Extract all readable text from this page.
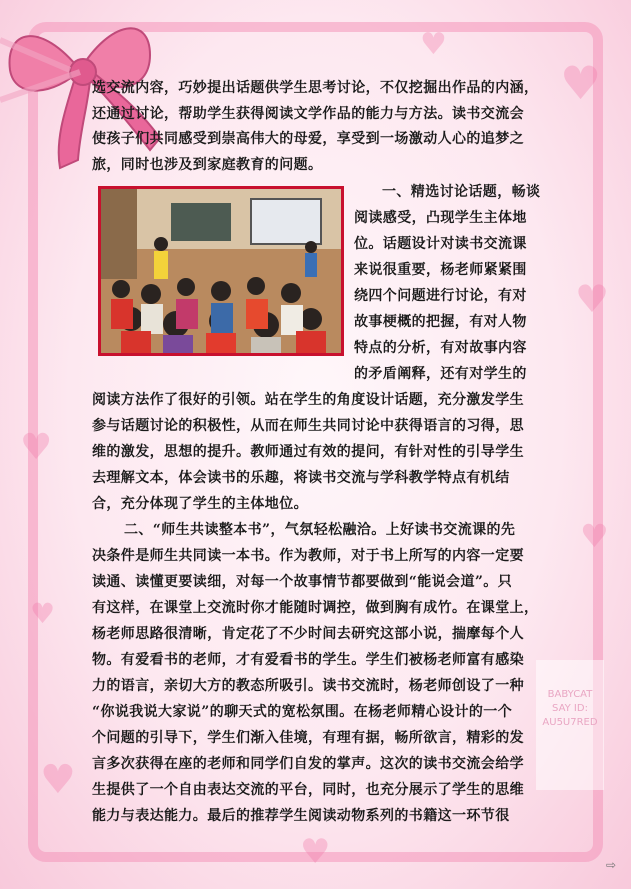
♥
♥
♥
♥
♥
♥
♥
♥
选交流内容，巧妙提出话题供学生思考讨论，不仅挖掘出作品的内涵，
还通过讨论，帮助学生获得阅读文学作品的能力与方法。读书交流会
使孩子们共同感受到崇高伟大的母爱，享受到一场激动人心的追梦之
旅，同时也涉及到家庭教育的问题。
一、精选讨论话题，畅谈
阅读感受，凸现学生主体地
位。话题设计对读书交流课
来说很重要，杨老师紧紧围
绕四个问题进行讨论，有对
故事梗概的把握，有对人物
特点的分析，有对故事内容
的矛盾阐释，还有对学生的
阅读方法作了很好的引领。站在学生的角度设计话题，充分激发学生
参与话题讨论的积极性，从而在师生共同讨论中获得语言的习得，思
维的激发，思想的提升。教师通过有效的提问，有针对性的引导学生
去理解文本，体会读书的乐趣，将读书交流与学科教学特点有机结
合，充分体现了学生的主体地位。
二、“师生共读整本书”，气氛轻松融洽。上好读书交流课的先
决条件是师生共同读一本书。作为教师，对于书上所写的内容一定要
读通、读懂更要读细，对每一个故事情节都要做到“能说会道”。只
有这样，在课堂上交流时你才能随时调控，做到胸有成竹。在课堂上，
杨老师思路很清晰，肯定花了不少时间去研究这部小说，揣摩每个人
物。有爱看书的老师，才有爱看书的学生。学生们被杨老师富有感染
力的语言，亲切大方的教态所吸引。读书交流时，杨老师创设了一种
“你说我说大家说”的聊天式的宽松氛围。在杨老师精心设计的一个
个问题的引导下，学生们渐入佳境，有理有据，畅所欲言，精彩的发
言多次获得在座的老师和同学们自发的掌声。这次的读书交流会给学
生提供了一个自由表达交流的平台，同时，也充分展示了学生的思维
能力与表达能力。最后的推荐学生阅读动物系列的书籍这一环节很
BABYCAT
SAY ID:
AU5U7RED
⇨
